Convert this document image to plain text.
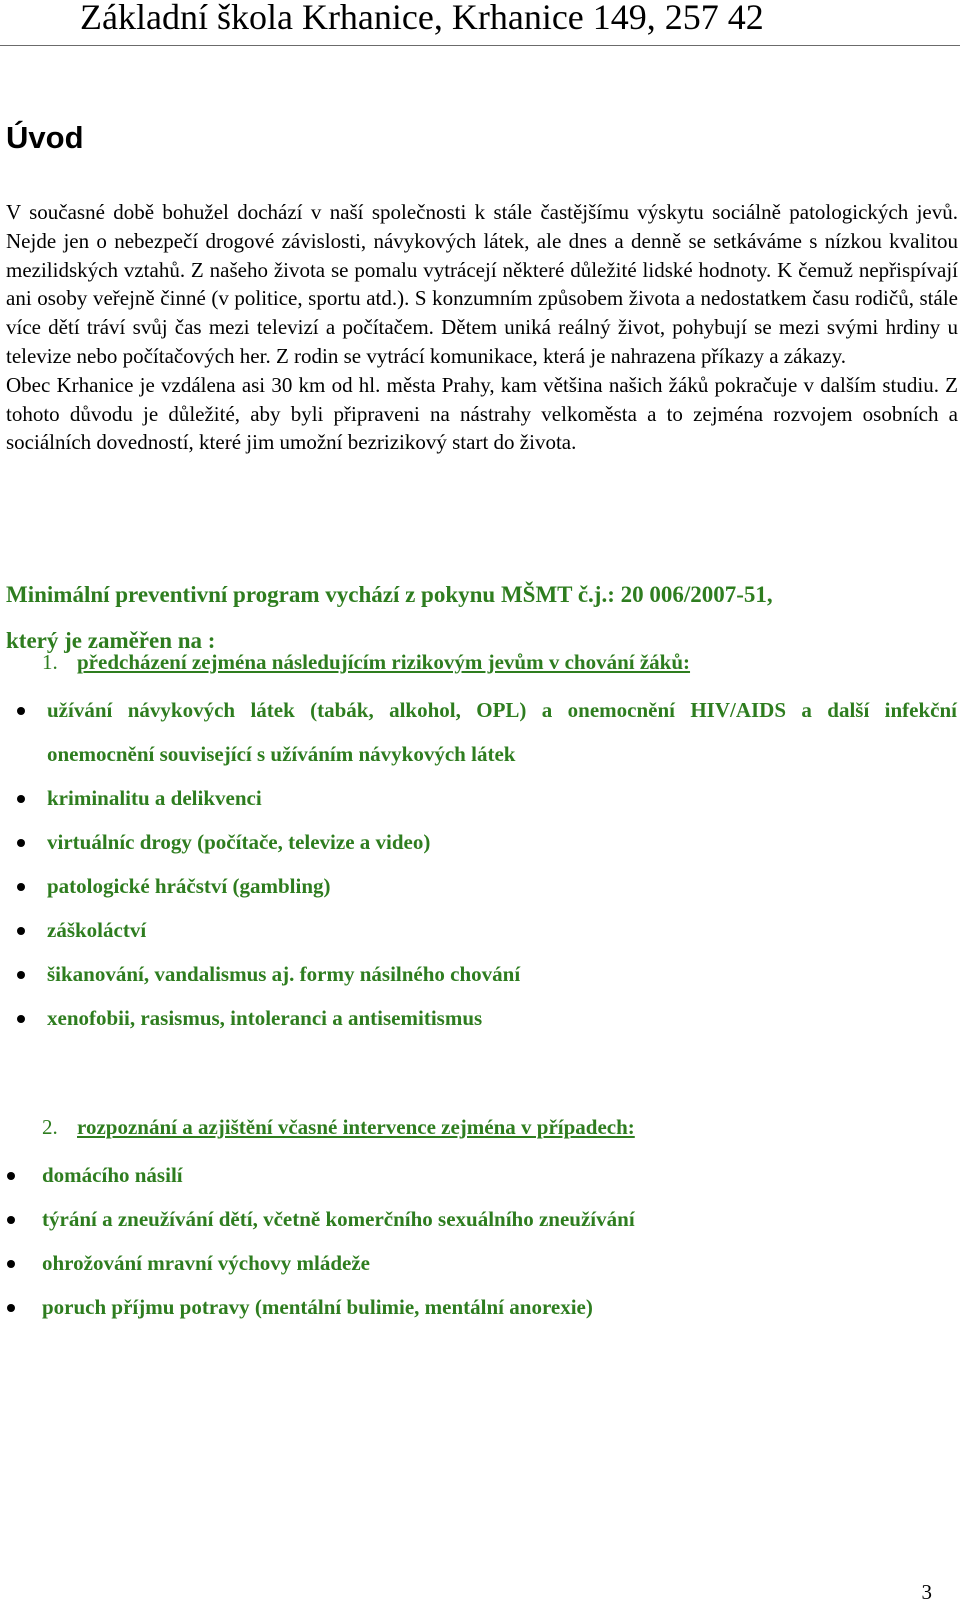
Základní škola Krhanice, Krhanice 149, 257 42
Úvod

V současné době bohužel dochází v naší společnosti k stále častějšímu výskytu sociálně patologických jevů. Nejde jen o nebezpečí drogové závislosti, návykových látek, ale dnes a denně se setkáváme s nízkou kvalitou mezilidských vztahů. Z našeho života se pomalu vytrácejí některé důležité lidské hodnoty. K čemuž nepřispívají ani osoby veřejně činné (v politice, sportu atd.). S konzumním způsobem života a nedostatkem času rodičů, stále více dětí tráví svůj čas mezi televizí a počítačem. Dětem uniká reálný život, pohybují se mezi svými hrdiny u televize nebo počítačových her. Z rodin se vytrácí komunikace, která je nahrazena příkazy a zákazy.

Obec Krhanice je vzdálena asi 30 km od hl. města Prahy, kam většina našich žáků pokračuje v dalším studiu. Z tohoto důvodu je důležité, aby byli připraveni na nástrahy velkoměsta a to zejména rozvojem osobních a sociálních dovedností, které jim umožní bezrizikový start do života.

Minimální preventivní program vychází z pokynu MŠMT č.j.: 20 006/2007-51,
který je zaměřen na :

1. předcházení zejména následujícím rizikovým jevům v chování žáků:
užívání návykových látek (tabák, alkohol, OPL) a onemocnění HIV/AIDS a další infekční onemocnění související s užíváním návykových látek
kriminalitu a delikvenci
virtuálníc drogy (počítače, televize a video)
patologické hráčství (gambling)
záškoláctví
šikanování, vandalismus aj. formy násilného chování
xenofobii, rasismus, intoleranci a antisemitismus
2. rozpoznání a azjištění včasné intervence zejména v případech:
domácího násilí
týrání a zneužívání dětí, včetně komerčního sexuálního zneužívání
ohrožování mravní výchovy mládeže
poruch příjmu potravy (mentální bulimie, mentální anorexie)
3
